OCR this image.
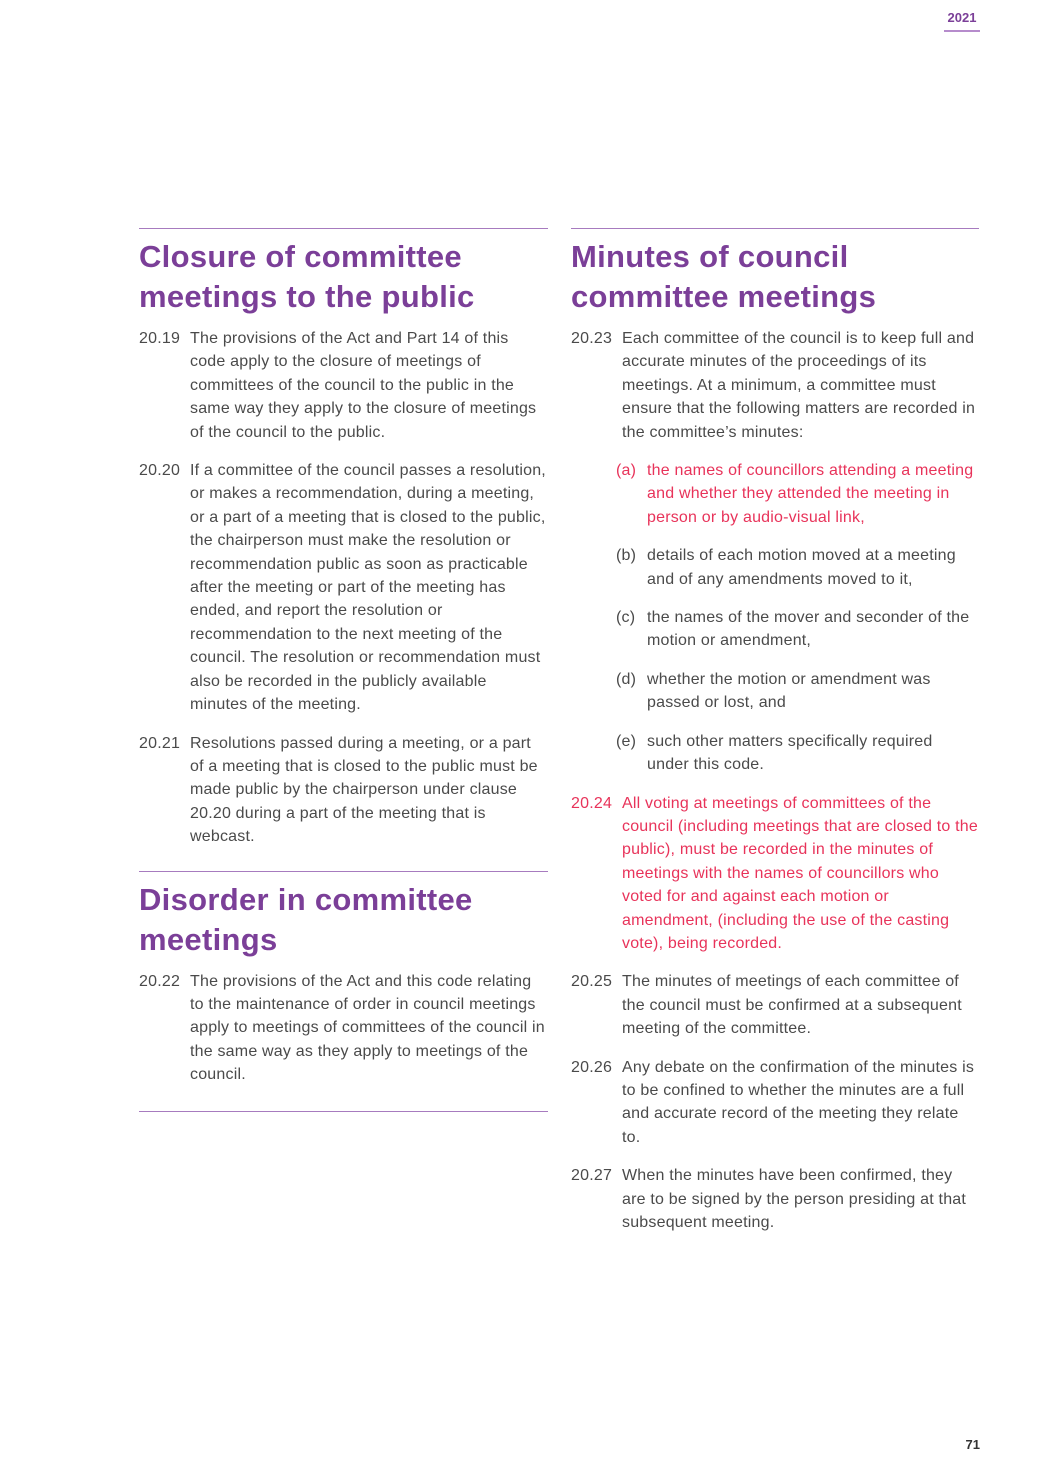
2021
Closure of committee meetings to the public
20.19 The provisions of the Act and Part 14 of this code apply to the closure of meetings of committees of the council to the public in the same way they apply to the closure of meetings of the council to the public.
20.20 If a committee of the council passes a resolution, or makes a recommendation, during a meeting, or a part of a meeting that is closed to the public, the chairperson must make the resolution or recommendation public as soon as practicable after the meeting or part of the meeting has ended, and report the resolution or recommendation to the next meeting of the council. The resolution or recommendation must also be recorded in the publicly available minutes of the meeting.
20.21 Resolutions passed during a meeting, or a part of a meeting that is closed to the public must be made public by the chairperson under clause 20.20 during a part of the meeting that is webcast.
Disorder in committee meetings
20.22 The provisions of the Act and this code relating to the maintenance of order in council meetings apply to meetings of committees of the council in the same way as they apply to meetings of the council.
Minutes of council committee meetings
20.23 Each committee of the council is to keep full and accurate minutes of the proceedings of its meetings. At a minimum, a committee must ensure that the following matters are recorded in the committee’s minutes:
(a) the names of councillors attending a meeting and whether they attended the meeting in person or by audio-visual link,
(b) details of each motion moved at a meeting and of any amendments moved to it,
(c) the names of the mover and seconder of the motion or amendment,
(d) whether the motion or amendment was passed or lost, and
(e) such other matters specifically required under this code.
20.24 All voting at meetings of committees of the council (including meetings that are closed to the public), must be recorded in the minutes of meetings with the names of councillors who voted for and against each motion or amendment, (including the use of the casting vote), being recorded.
20.25 The minutes of meetings of each committee of the council must be confirmed at a subsequent meeting of the committee.
20.26 Any debate on the confirmation of the minutes is to be confined to whether the minutes are a full and accurate record of the meeting they relate to.
20.27 When the minutes have been confirmed, they are to be signed by the person presiding at that subsequent meeting.
71
